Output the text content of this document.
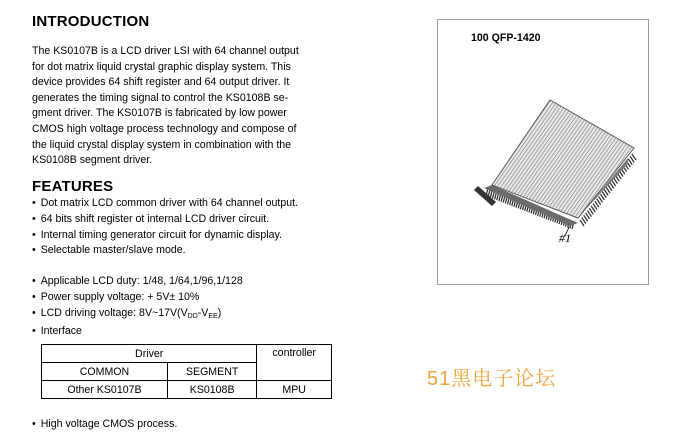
INTRODUCTION
The KS0107B is a LCD driver LSI with 64 channel output
for dot matrix liquid crystal graphic display system. This
device provides 64 shift register and 64 output driver. It
generates the timing signal to control the KS0108B se-
gment driver. The KS0107B is fabricated by low power
CMOS high voltage process technology and compose of
the liquid crystal display system in combination with the
KS0108B segment driver.
FEATURES
• Dot matrix LCD common driver with 64 channel output.
• 64 bits shift register ot internal LCD driver circuit.
• Internal timing generator circuit for dynamic display.
• Selectable master/slave mode.
• Applicable LCD duty: 1/48, 1/64,1/96,1/128
• Power supply voltage: + 5V± 10%
• LCD driving voltage: $8V\sim 17V(V_{DD}-V_{EE})$
• Interface
Driver		controller
COMMON	SEGMENT	
Other KS0107B	KS0108B	MPU
• High voltage CMOS process.
100 QFP-1420
#1
51黑电子论坛
